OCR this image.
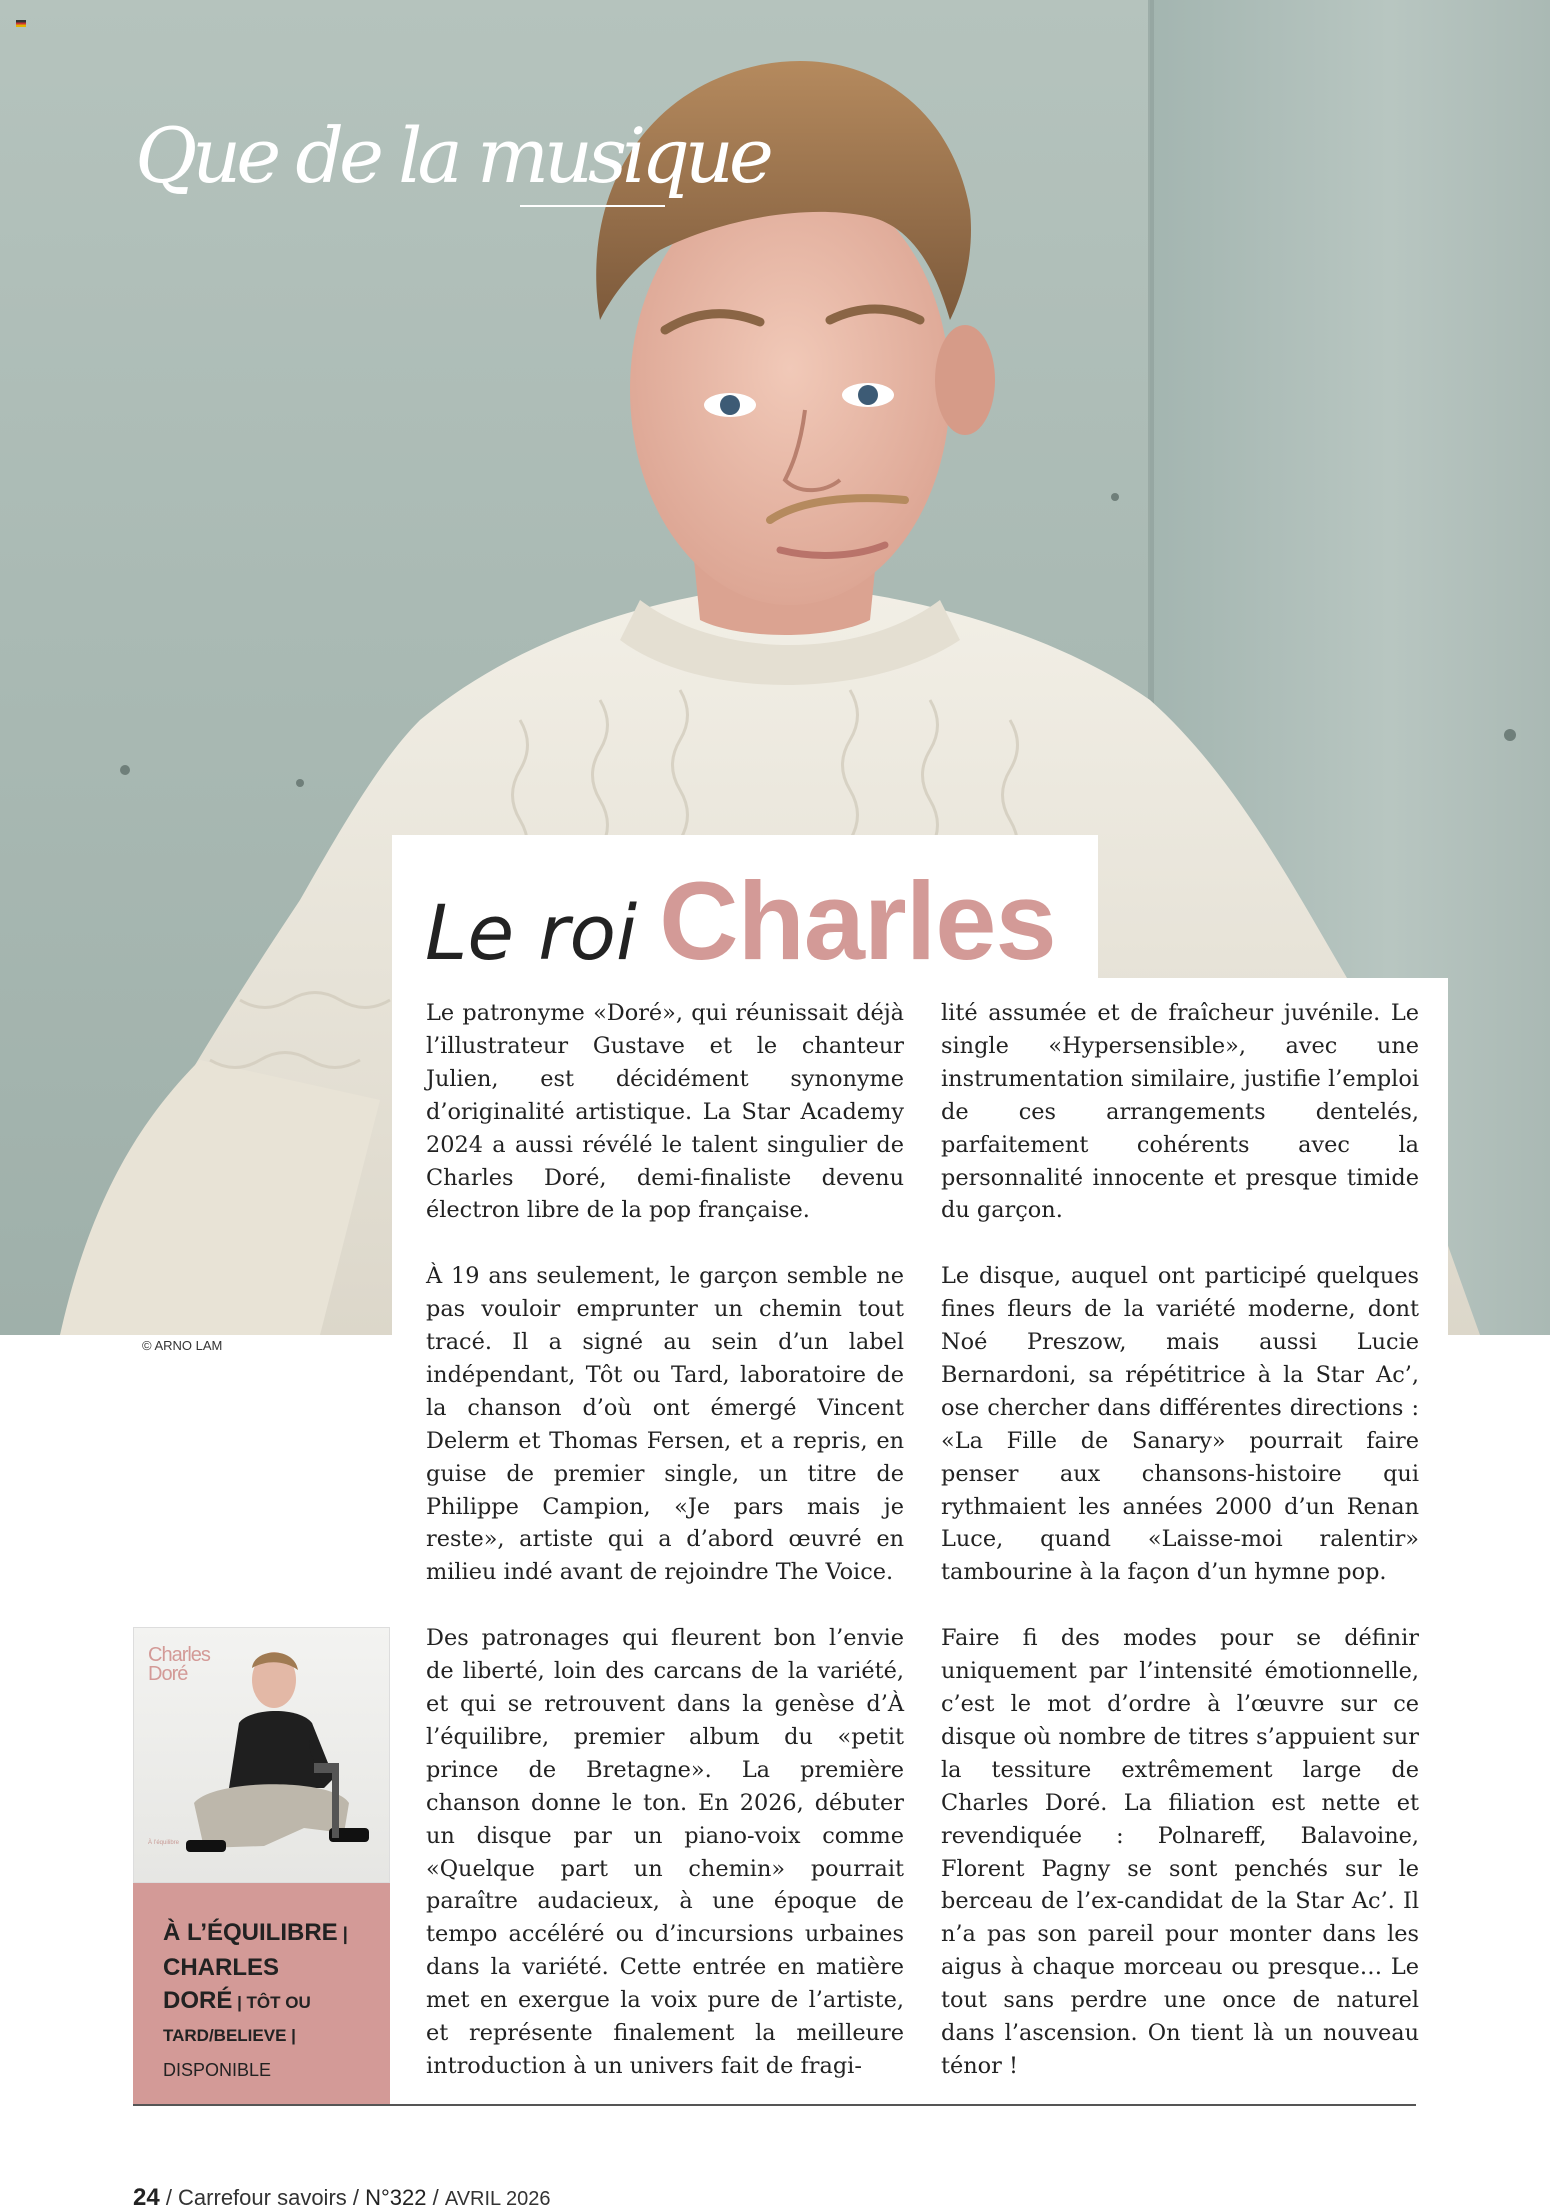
Que de la musique
© ARNO LAM
Le roi Charles

Le patronyme «Doré», qui réunissait déjà l’illustrateur Gustave et le chanteur Julien, est décidément synonyme d’originalité artistique. La Star Academy 2024 a aussi révélé le talent singulier de Charles Doré, demi-finaliste devenu électron libre de la pop française.

À 19 ans seulement, le garçon semble ne pas vouloir emprunter un chemin tout tracé. Il a signé au sein d’un label indépendant, Tôt ou Tard, laboratoire de la chanson d’où ont émergé Vincent Delerm et Thomas Fersen, et a repris, en guise de premier single, un titre de Philippe Campion, «Je pars mais je reste», artiste qui a d’abord œuvré en milieu indé avant de rejoindre The Voice.

Des patronages qui fleurent bon l’envie de liberté, loin des carcans de la variété, et qui se retrouvent dans la genèse d’À l’équilibre, premier album du «petit prince de Bretagne». La première chanson donne le ton. En 2026, débuter un disque par un piano-voix comme «Quelque part un chemin» pourrait paraître audacieux, à une époque de tempo accéléré ou d’incursions urbaines dans la variété. Cette entrée en matière met en exergue la voix pure de l’artiste, et représente finalement la meilleure introduction à un univers fait de fragi-

lité assumée et de fraîcheur juvénile. Le single «Hypersensible», avec une instrumentation similaire, justifie l’emploi de ces arrangements dentelés, parfaitement cohérents avec la personnalité innocente et presque timide du garçon.

Le disque, auquel ont participé quelques fines fleurs de la variété moderne, dont Noé Preszow, mais aussi Lucie Bernardoni, sa répétitrice à la Star Ac’, ose chercher dans différentes directions : «La Fille de Sanary» pourrait faire penser aux chansons-histoire qui rythmaient les années 2000 d’un Renan Luce, quand «Laisse-moi ralentir» tambourine à la façon d’un hymne pop.

Faire fi des modes pour se définir uniquement par l’intensité émotionnelle, c’est le mot d’ordre à l’œuvre sur ce disque où nombre de titres s’appuient sur la tessiture extrêmement large de Charles Doré. La filiation est nette et revendiquée : Polnareff, Balavoine, Florent Pagny se sont penchés sur le berceau de l’ex-candidat de la Star Ac’. Il n’a pas son pareil pour monter dans les aigus à chaque morceau ou presque… Le tout sans perdre une once de naturel dans l’ascension. On tient là un nouveau ténor !

Charles
Doré
À l’équilibre
À L’ÉQUILIBRE |
CHARLES
DORÉ | TÔT OU
TARD/BELIEVE |
DISPONIBLE
24 / Carrefour savoirs / N°322 / AVRIL 2026
